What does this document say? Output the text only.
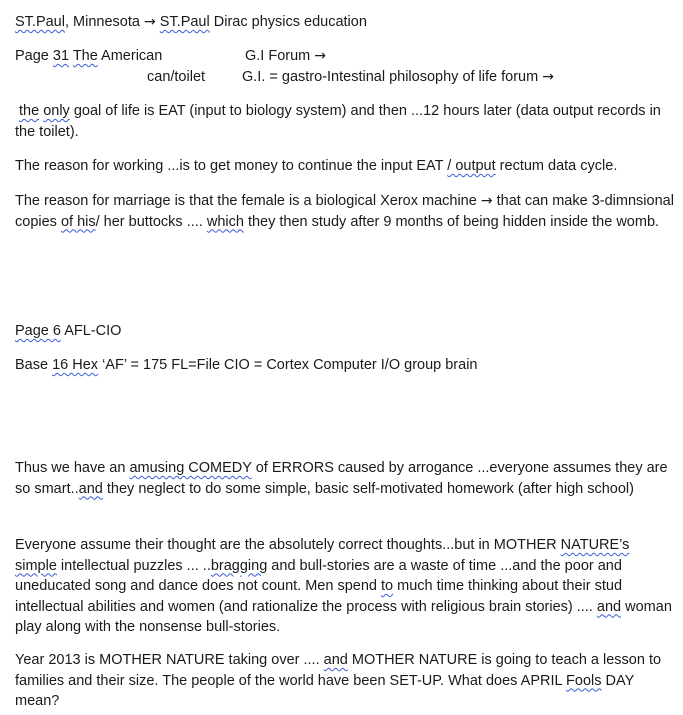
ST.Paul, Minnesota → ST.Paul Dirac physics education
Page 31 The American	G.I Forum →
can/toilet	G.I. = gastro-Intestinal philosophy of life forum →
the only goal of life is EAT (input to biology system) and then ...12 hours later (data output records in the toilet).
The reason for working ...is to get money to continue the input EAT / output rectum data cycle.
The reason for marriage is that the female is a biological Xerox machine → that can make 3-dimnsional copies of his/ her buttocks .... which they then study after 9 months of being hidden inside the womb.
Page 6 AFL-CIO
Base 16 Hex ‘AF’ = 175 FL=File CIO = Cortex Computer I/O group brain
Thus we have an amusing COMEDY of ERRORS caused by arrogance ...everyone assumes they are so smart..and they neglect to do some simple, basic self-motivated homework (after high school)
Everyone assume their thought are the absolutely correct thoughts...but in MOTHER NATURE’s simple intellectual puzzles ... ..bragging and bull-stories are a waste of time ...and the poor and uneducated song and dance does not count. Men spend to much time thinking about their stud intellectual abilities and women (and rationalize the process with religious brain stories) .... and woman play along with the nonsense bull-stories.
Year 2013 is MOTHER NATURE taking over .... and MOTHER NATURE is going to teach a lesson to families and their size. The people of the world have been SET-UP. What does APRIL Fools DAY mean?
